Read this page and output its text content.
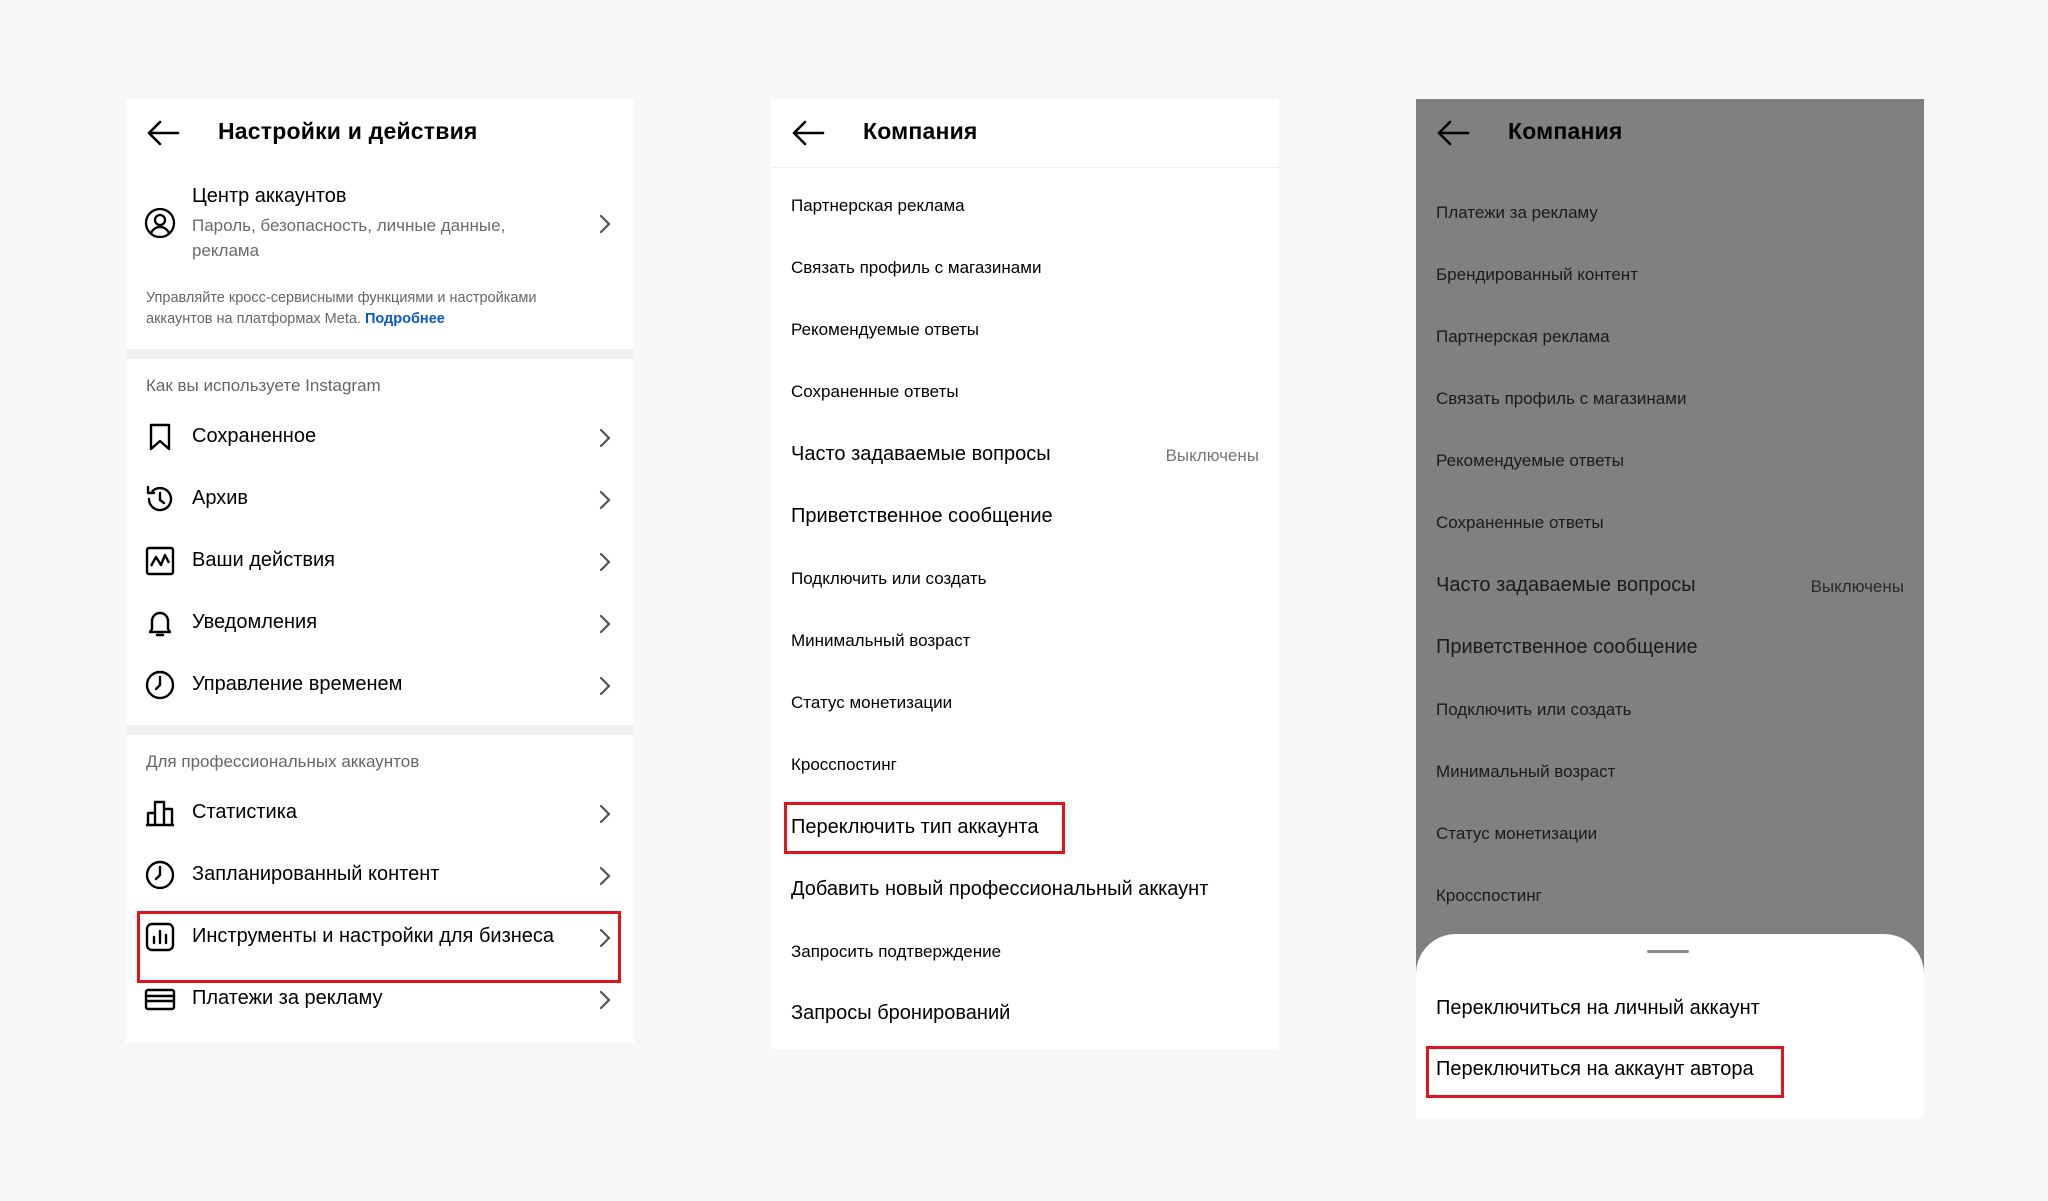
Настройки и действия
Центр аккаунтов
Пароль, безопасность, личные данные,
реклама
Управляйте кросс-сервисными функциями и настройками
аккаунтов на платформах Meta. Подробнее
Как вы используете Instagram
Сохраненное
Архив
Ваши действия
Уведомления
Управление временем
Для профессиональных аккаунтов
Статистика
Запланированный контент
Инструменты и настройки для бизнеса
Платежи за рекламу
Компания
Партнерская реклама
Связать профиль с магазинами
Рекомендуемые ответы
Сохраненные ответы
Часто задаваемые вопросы	Выключены
Приветственное сообщение
Подключить или создать
Минимальный возраст
Статус монетизации
Кросспостинг
Переключить тип аккаунта
Добавить новый профессиональный аккаунт
Запросить подтверждение
Запросы бронирований
Компания
Платежи за рекламу
Брендированный контент
Партнерская реклама
Связать профиль с магазинами
Рекомендуемые ответы
Сохраненные ответы
Часто задаваемые вопросы	Выключены
Приветственное сообщение
Подключить или создать
Минимальный возраст
Статус монетизации
Кросспостинг
Переключиться на личный аккаунт
Переключиться на аккаунт автора
